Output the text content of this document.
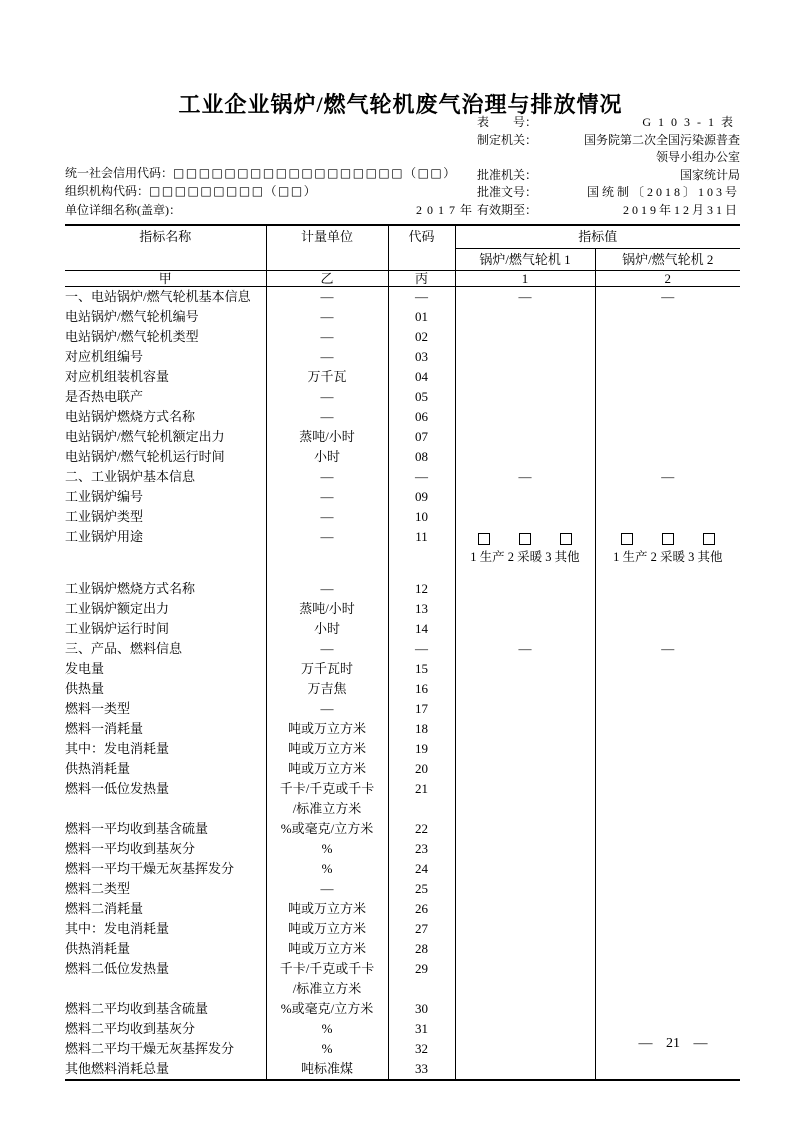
工业企业锅炉/燃气轮机废气治理与排放情况
统一社会信用代码：□□□□□□□□□□□□□□□□□□（□□）
组织机构代码：□□□□□□□□□（□□）
单位详细名称(盖章)：	2017年
表　　号：	G103-1表
制定机关：	国务院第二次全国污染源普查
领导小组办公室
批准机关：	国家统计局
批准文号：	国统制〔2018〕103号
有效期至：	2019年12月31日
指标名称	计量单位	代码	指标值	
			锅炉/燃气轮机 1	锅炉/燃气轮机 2
甲	乙	丙	1	2
一、电站锅炉/燃气轮机基本信息	—	—	—	—
电站锅炉/燃气轮机编号	—	01		
电站锅炉/燃气轮机类型	—	02		
对应机组编号	—	03		
对应机组装机容量	万千瓦	04		
是否热电联产	—	05		
电站锅炉燃烧方式名称	—	06		
电站锅炉/燃气轮机额定出力	蒸吨/小时	07		
电站锅炉/燃气轮机运行时间	小时	08		
二、工业锅炉基本信息	—	—	—	—
工业锅炉编号	—	09		
工业锅炉类型	—	10		
工业锅炉用途	—	11	1 生产 2 采暖 3 其他	1 生产 2 采暖 3 其他

工业锅炉燃烧方式名称	—	12		
工业锅炉额定出力	蒸吨/小时	13		
工业锅炉运行时间	小时	14		
三、产品、燃料信息	—	—	—	—
发电量	万千瓦时	15		
供热量	万吉焦	16		
燃料一类型	—	17		
燃料一消耗量	吨或万立方米	18		
其中：发电消耗量	吨或万立方米	19		
供热消耗量	吨或万立方米	20		
燃料一低位发热量	千卡/千克或千卡
/标准立方米	21		
燃料一平均收到基含硫量	%或毫克/立方米	22		
燃料一平均收到基灰分	%	23		
燃料一平均干燥无灰基挥发分	%	24		
燃料二类型	—	25		
燃料二消耗量	吨或万立方米	26		
其中：发电消耗量	吨或万立方米	27		
供热消耗量	吨或万立方米	28		
燃料二低位发热量	千卡/千克或千卡
/标准立方米	29		
燃料二平均收到基含硫量	%或毫克/立方米	30		
燃料二平均收到基灰分	%	31		
燃料二平均干燥无灰基挥发分	%	32		
其他燃料消耗总量	吨标准煤	33		
— 21 —
